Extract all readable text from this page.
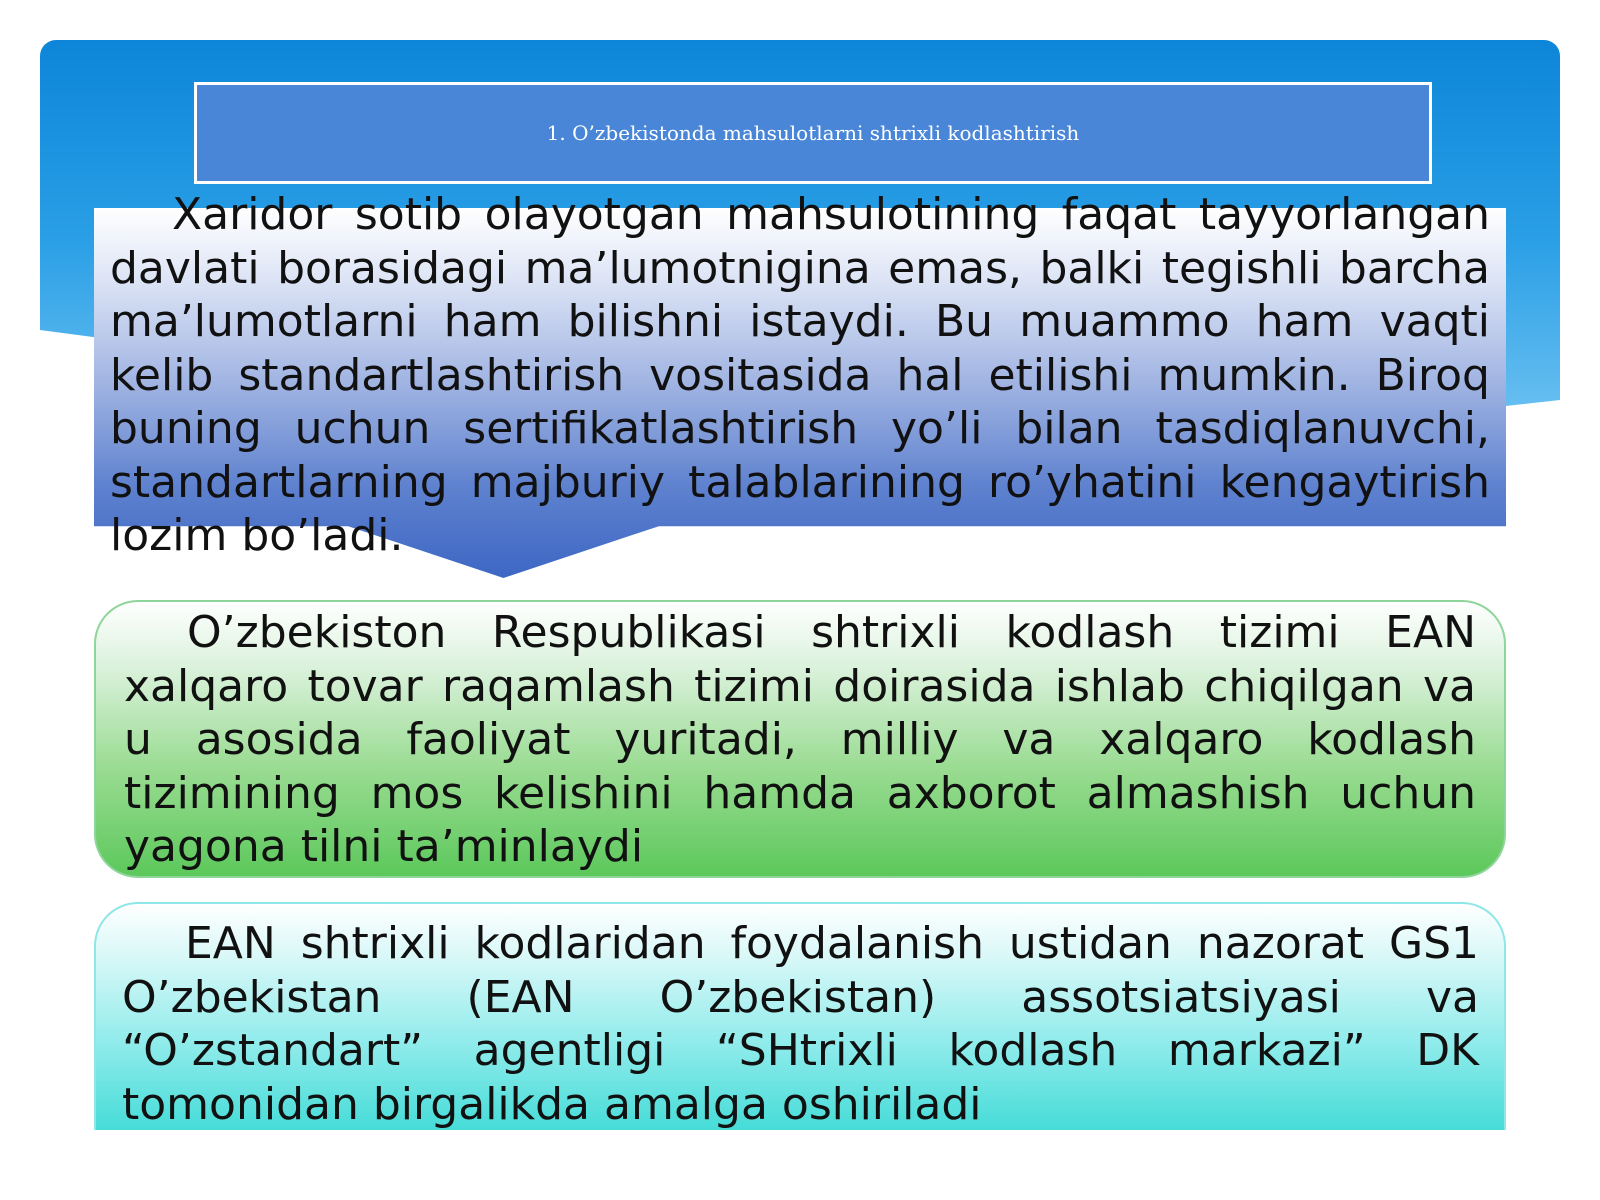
1. O’zbekistonda mahsulotlarni shtrixli kodlashtirish
Xaridor sotib olayotgan mahsulotining faqat tayyorlangan davlati borasidagi ma’lumotnigina emas, balki tegishli barcha ma’lumotlarni ham bilishni istaydi. Bu muammo ham vaqti kelib standartlashtirish vositasida hal etilishi mumkin. Biroq buning uchun sertifikatlashtirish yo’li bilan tasdiqlanuvchi, standartlarning majburiy talablarining ro’yhatini kengaytirish lozim bo’ladi.
O’zbekiston Respublikasi shtrixli kodlash tizimi EAN xalqaro tovar raqamlash tizimi doirasida ishlab chiqilgan va u asosida faoliyat yuritadi, milliy va xalqaro kodlash tizimining mos kelishini hamda axborot almashish uchun yagona tilni ta’minlaydi
EAN shtrixli kodlaridan foydalanish ustidan nazorat GS1 O’zbekistan (EAN O’zbekistan) assotsiatsiyasi va “O’zstandart” agentligi “SHtrixli kodlash markazi” DK tomonidan birgalikda amalga oshiriladi
